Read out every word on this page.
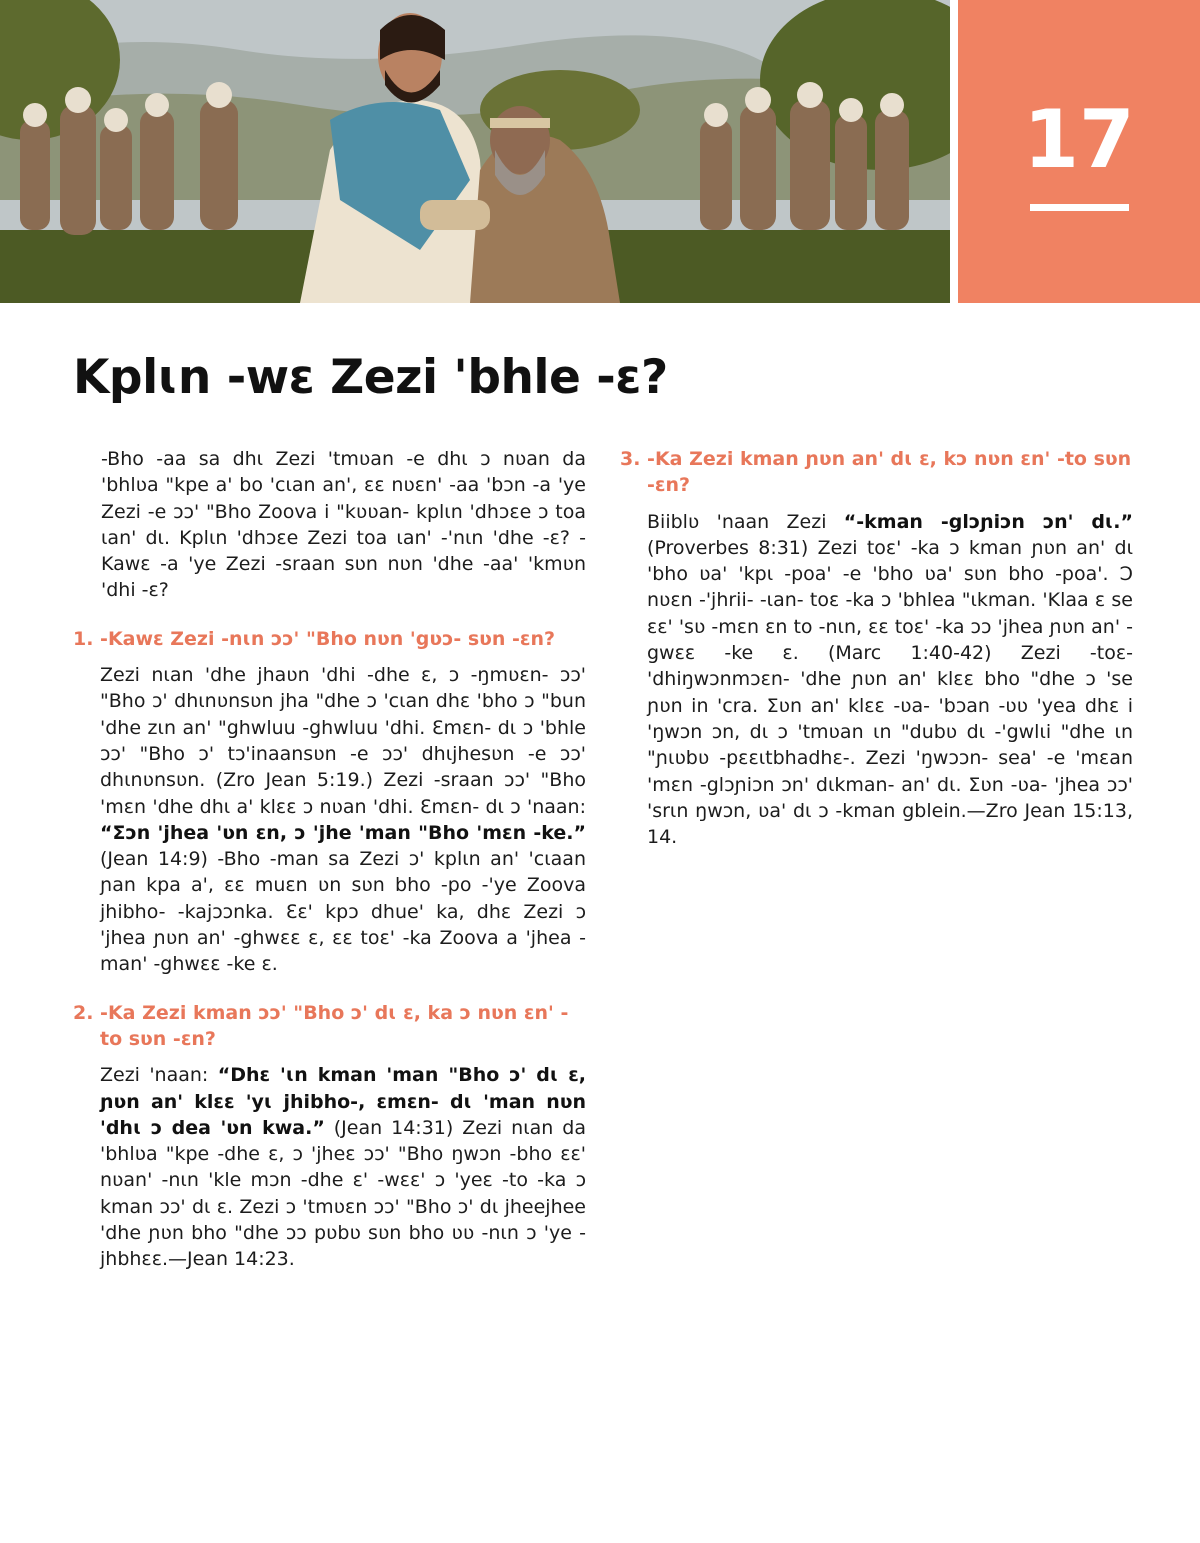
17
Kplɩn -wɛ Zezi 'bhle -ɛ?

-Bho -aa sa dhɩ Zezi 'tmʋan -e dhɩ ɔ nʋan da 'bhlʋa "kpe a' bo 'cɩan an', ɛɛ nʋɛn' -aa 'bɔn -a 'ye Zezi -e ɔɔ' "Bho Zoova i "kʋʋan- kplɩn 'dhɔɛe ɔ toa ɩan' dɩ. Kplɩn 'dhɔɛe Zezi toa ɩan' -'nɩn 'dhe -ɛ? -Kawɛ -a 'ye Zezi -sraan sʋn nʋn 'dhe -aa' 'kmʋn 'dhi -ɛ?

1. -Kawɛ Zezi -nɩn ɔɔ' "Bho nʋn 'gʋɔ- sʋn -ɛn?

Zezi nɩan 'dhe jhaʋn 'dhi -dhe ɛ, ɔ -ŋmʋɛn- ɔɔ' "Bho ɔ' dhɩnʋnsʋn jha "dhe ɔ 'cɩan dhɛ 'bho ɔ "bun 'dhe zɩn an' "ghwluu -ghwluu 'dhi. Ɛmɛn- dɩ ɔ 'bhle ɔɔ' "Bho ɔ' tɔ'inaansʋn -e ɔɔ' dhɩjhesʋn -e ɔɔ' dhɩnʋnsʋn. (Zro Jean 5:19.) Zezi -sraan ɔɔ' "Bho 'mɛn 'dhe dhɩ a' klɛɛ ɔ nʋan 'dhi. Ɛmɛn- dɩ ɔ 'naan: “Ʃɔn 'jhea 'ʋn ɛn, ɔ 'jhe 'man "Bho 'mɛn -ke.” (Jean 14:9) -Bho -man sa Zezi ɔ' kplɩn an' 'cɩaan ɲan kpa a', ɛɛ muɛn ʋn sʋn bho -po -'ye Zoova jhibho- -kajɔɔnka. Ɛɛ' kpɔ dhue' ka, dhɛ Zezi ɔ 'jhea ɲʋn an' -ghwɛɛ ɛ, ɛɛ toɛ' -ka Zoova a 'jhea -man' -ghwɛɛ -ke ɛ.

2. -Ka Zezi kman ɔɔ' "Bho ɔ' dɩ ɛ, ka ɔ nʋn ɛn' -to sʋn -ɛn?

Zezi 'naan: “Dhɛ 'ɩn kman 'man "Bho ɔ' dɩ ɛ, ɲʋn an' klɛɛ 'yɩ jhibho-, ɛmɛn- dɩ 'man nʋn 'dhɩ ɔ dea 'ʋn kwa.” (Jean 14:31) Zezi nɩan da 'bhlʋa "kpe -dhe ɛ, ɔ 'jheɛ ɔɔ' "Bho ŋwɔn -bho ɛɛ' nʋan' -nɩn 'kle mɔn -dhe ɛ' -wɛɛ' ɔ 'yeɛ -to -ka ɔ kman ɔɔ' dɩ ɛ. Zezi ɔ 'tmʋɛn ɔɔ' "Bho ɔ' dɩ jheejhee 'dhe ɲʋn bho "dhe ɔɔ pʋbʋ sʋn bho ʋʋ -nɩn ɔ 'ye -jhbhɛɛ.—Jean 14:23.

3. -Ka Zezi kman ɲʋn an' dɩ ɛ, kɔ nʋn ɛn' -to sʋn -ɛn?

Biiblʋ 'naan Zezi “-kman -glɔɲiɔn ɔn' dɩ.” (Proverbes 8:31) Zezi toɛ' -ka ɔ kman ɲʋn an' dɩ 'bho ʋa' 'kpɩ -poa' -e 'bho ʋa' sʋn bho -poa'. Ɔ nʋɛn -'jhrii- -ɩan- toɛ -ka ɔ 'bhlea "ɩkman. 'Klaa ɛ se ɛɛ' 'sʋ -mɛn ɛn to -nɩn, ɛɛ toɛ' -ka ɔɔ 'jhea ɲʋn an' -gwɛɛ -ke ɛ. (Marc 1:40-42) Zezi -toɛ- 'dhiŋwɔnmɔɛn- 'dhe ɲʋn an' klɛɛ bho "dhe ɔ 'se ɲʋn in 'cra. Ʃʋn an' klɛɛ -ʋa- 'bɔan -ʋʋ 'yea dhɛ i 'ŋwɔn ɔn, dɩ ɔ 'tmʋan ɩn "dubʋ dɩ -'gwlɩi "dhe ɩn "ɲɩʋbʋ -pɛɛɩtbhadhɛ-. Zezi 'ŋwɔɔn- sea' -e 'mɛan 'mɛn -glɔɲiɔn ɔn' dɩkman- an' dɩ. Ʃʋn -ʋa- 'jhea ɔɔ' 'srɩn ŋwɔn, ʋa' dɩ ɔ -kman gblein.—Zro Jean 15:13, 14.
